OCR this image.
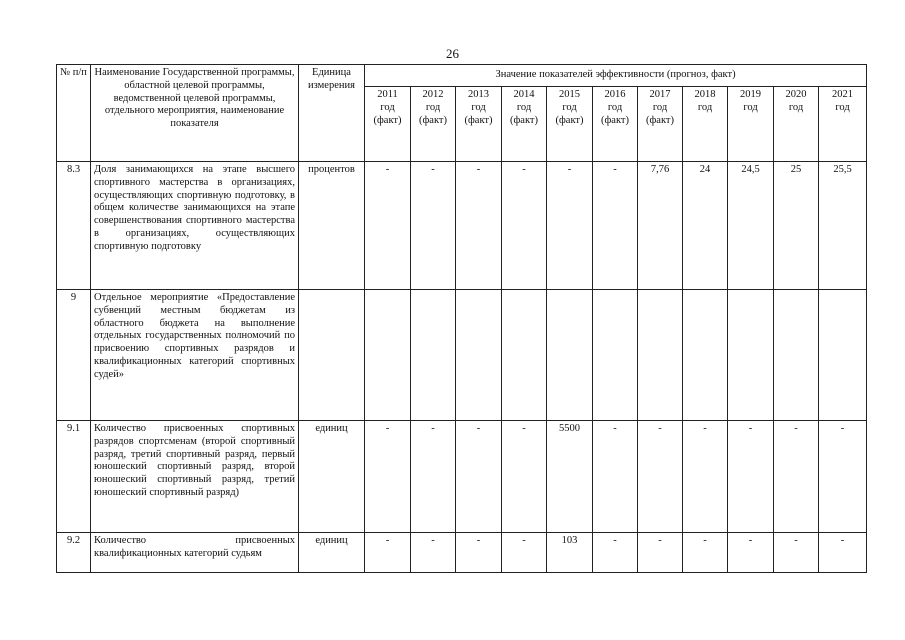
26
№ п/п	Наименование Государственной программы, областной целевой программы, ведомственной целевой программы, отдельного мероприятия, наименование показателя	Единица измерения	Значение показателей эффективности (прогноз, факт)										
			2011
год
(факт)	2012
год
(факт)	2013
год
(факт)	2014
год
(факт)	2015
год
(факт)	2016
год
(факт)	2017
год
(факт)	2018
год	2019
год	2020
год	2021
год
8.3	Доля занимающихся на этапе высшего спортивного мастерства в организациях, осуществляющих спортивную подготовку, в общем количестве занимающихся на этапе совершенствования спортивного мастерства в организациях, осуществляющих спортивную подготовку	процентов	-	-	-	-	-	-	7,76	24	24,5	25	25,5
9	Отдельное мероприятие «Предоставление субвенций местным бюджетам из областного бюджета на выполнение отдельных государственных полномочий по присвоению спортивных разрядов и квалификационных категорий спортивных судей»												
9.1	Количество присвоенных спортивных разрядов спортсменам (второй спортивный разряд, третий спортивный разряд, первый юношеский спортивный разряд, второй юношеский спортивный разряд, третий юношеский спортивный разряд)	единиц	-	-	-	-	5500	-	-	-	-	-	-
9.2	Количество присвоенных квалификационных категорий судьям	единиц	-	-	-	-	103	-	-	-	-	-	-
